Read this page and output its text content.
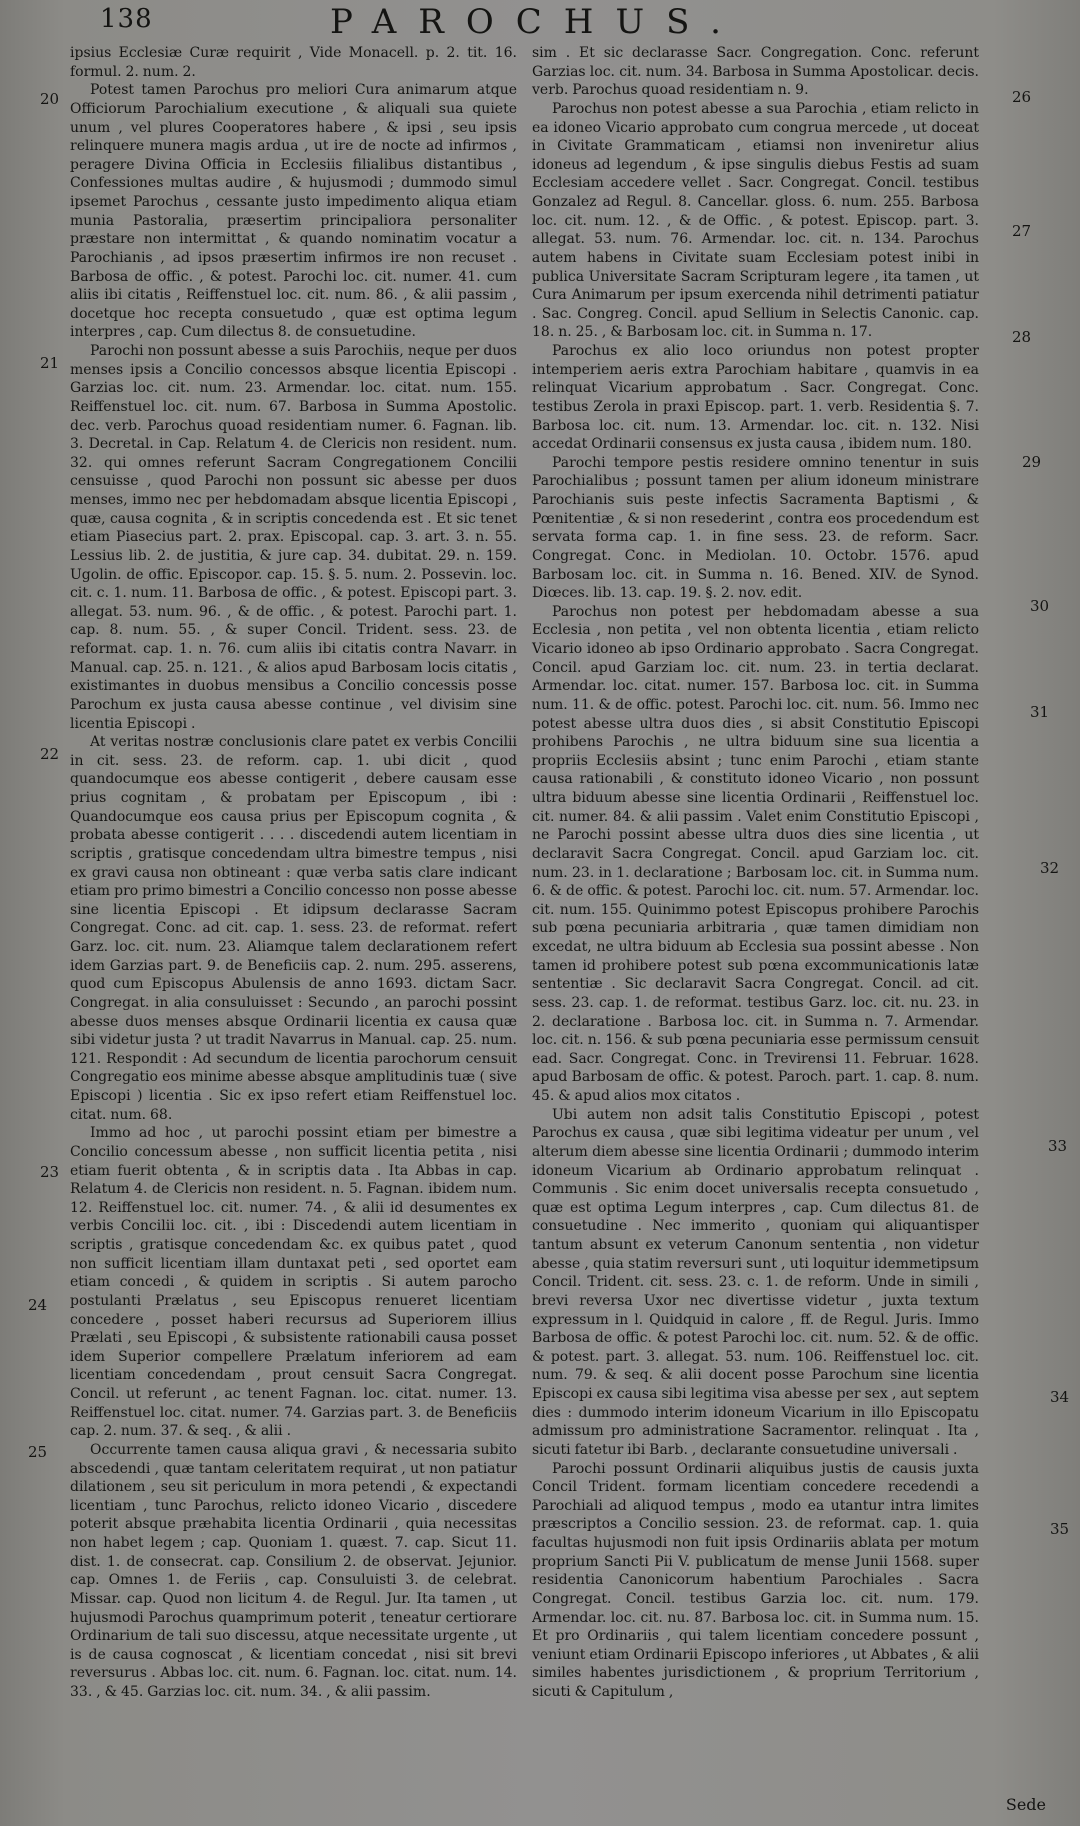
138	PAROCHUS.

ipsius Ecclesiæ Curæ requirit , Vide Monacell. p. 2. tit. 16. formul. 2. num. 2.

Potest tamen Parochus pro meliori Cura animarum atque Officiorum Parochialium executione , & aliquali sua quiete unum , vel plures Cooperatores habere , & ipsi , seu ipsis relinquere munera magis ardua , ut ire de nocte ad infirmos , peragere Divina Officia in Ecclesiis filialibus distantibus , Confessiones multas audire , & hujusmodi ; dummodo simul ipsemet Parochus , cessante justo impedimento aliqua etiam munia Pastoralia, præsertim principaliora personaliter præstare non intermittat , & quando nominatim vocatur a Parochianis , ad ipsos præsertim infirmos ire non recuset . Barbosa de offic. , & potest. Parochi loc. cit. numer. 41. cum aliis ibi citatis , Reiffenstuel loc. cit. num. 86. , & alii passim , docetque hoc recepta consuetudo , quæ est optima legum interpres , cap. Cum dilectus 8. de consuetudine.

Parochi non possunt abesse a suis Parochiis, neque per duos menses ipsis a Concilio concessos absque licentia Episcopi . Garzias loc. cit. num. 23. Armendar. loc. citat. num. 155. Reiffenstuel loc. cit. num. 67. Barbosa in Summa Apostolic. dec. verb. Parochus quoad residentiam numer. 6. Fagnan. lib. 3. Decretal. in Cap. Relatum 4. de Clericis non resident. num. 32. qui omnes referunt Sacram Congregationem Concilii censuisse , quod Parochi non possunt sic abesse per duos menses, immo nec per hebdomadam absque licentia Episcopi , quæ, causa cognita , & in scriptis concedenda est . Et sic tenet etiam Piasecius part. 2. prax. Episcopal. cap. 3. art. 3. n. 55. Lessius lib. 2. de justitia, & jure cap. 34. dubitat. 29. n. 159. Ugolin. de offic. Episcopor. cap. 15. §. 5. num. 2. Possevin. loc. cit. c. 1. num. 11. Barbosa de offic. , & potest. Episcopi part. 3. allegat. 53. num. 96. , & de offic. , & potest. Parochi part. 1. cap. 8. num. 55. , & super Concil. Trident. sess. 23. de reformat. cap. 1. n. 76. cum aliis ibi citatis contra Navarr. in Manual. cap. 25. n. 121. , & alios apud Barbosam locis citatis , existimantes in duobus mensibus a Concilio concessis posse Parochum ex justa causa abesse continue , vel divisim sine licentia Episcopi .

At veritas nostræ conclusionis clare patet ex verbis Concilii in cit. sess. 23. de reform. cap. 1. ubi dicit , quod quandocumque eos abesse contigerit , debere causam esse prius cognitam , & probatam per Episcopum , ibi : Quandocumque eos causa prius per Episcopum cognita , & probata abesse contigerit . . . . discedendi autem licentiam in scriptis , gratisque concedendam ultra bimestre tempus , nisi ex gravi causa non obtineant : quæ verba satis clare indicant etiam pro primo bimestri a Concilio concesso non posse abesse sine licentia Episcopi . Et idipsum declarasse Sacram Congregat. Conc. ad cit. cap. 1. sess. 23. de reformat. refert Garz. loc. cit. num. 23. Aliamque talem declarationem refert idem Garzias part. 9. de Beneficiis cap. 2. num. 295. asserens, quod cum Episcopus Abulensis de anno 1693. dictam Sacr. Congregat. in alia consuluisset : Secundo , an parochi possint abesse duos menses absque Ordinarii licentia ex causa quæ sibi videtur justa ? ut tradit Navarrus in Manual. cap. 25. num. 121. Respondit : Ad secundum de licentia parochorum censuit Congregatio eos minime abesse absque amplitudinis tuæ ( sive Episcopi ) licentia . Sic ex ipso refert etiam Reiffenstuel loc. citat. num. 68.

Immo ad hoc , ut parochi possint etiam per bimestre a Concilio concessum abesse , non sufficit licentia petita , nisi etiam fuerit obtenta , & in scriptis data . Ita Abbas in cap. Relatum 4. de Clericis non resident. n. 5. Fagnan. ibidem num. 12. Reiffenstuel loc. cit. numer. 74. , & alii id desumentes ex verbis Concilii loc. cit. , ibi : Discedendi autem licentiam in scriptis , gratisque concedendam &c. ex quibus patet , quod non sufficit licentiam illam duntaxat peti , sed oportet eam etiam concedi , & quidem in scriptis . Si autem parocho postulanti Prælatus , seu Episcopus renueret licentiam concedere , posset haberi recursus ad Superiorem illius Prælati , seu Episcopi , & subsistente rationabili causa posset idem Superior compellere Prælatum inferiorem ad eam licentiam concedendam , prout censuit Sacra Congregat. Concil. ut referunt , ac tenent Fagnan. loc. citat. numer. 13. Reiffenstuel loc. citat. numer. 74. Garzias part. 3. de Beneficiis cap. 2. num. 37. & seq. , & alii .

Occurrente tamen causa aliqua gravi , & necessaria subito abscedendi , quæ tantam celeritatem requirat , ut non patiatur dilationem , seu sit periculum in mora petendi , & expectandi licentiam , tunc Parochus, relicto idoneo Vicario , discedere poterit absque præhabita licentia Ordinarii , quia necessitas non habet legem ; cap. Quoniam 1. quæst. 7. cap. Sicut 11. dist. 1. de consecrat. cap. Consilium 2. de observat. Jejunior. cap. Omnes 1. de Feriis , cap. Consuluisti 3. de celebrat. Missar. cap. Quod non licitum 4. de Regul. Jur. Ita tamen , ut hujusmodi Parochus quamprimum poterit , teneatur certiorare Ordinarium de tali suo discessu, atque necessitate urgente , ut is de causa cognoscat , & licentiam concedat , nisi sit brevi reversurus . Abbas loc. cit. num. 6. Fagnan. loc. citat. num. 14. 33. , & 45. Garzias loc. cit. num. 34. , & alii passim.

sim . Et sic declarasse Sacr. Congregation. Conc. referunt Garzias loc. cit. num. 34. Barbosa in Summa Apostolicar. decis. verb. Parochus quoad residentiam n. 9.

Parochus non potest abesse a sua Parochia , etiam relicto in ea idoneo Vicario approbato cum congrua mercede , ut doceat in Civitate Grammaticam , etiamsi non inveniretur alius idoneus ad legendum , & ipse singulis diebus Festis ad suam Ecclesiam accedere vellet . Sacr. Congregat. Concil. testibus Gonzalez ad Regul. 8. Cancellar. gloss. 6. num. 255. Barbosa loc. cit. num. 12. , & de Offic. , & potest. Episcop. part. 3. allegat. 53. num. 76. Armendar. loc. cit. n. 134. Parochus autem habens in Civitate suam Ecclesiam potest inibi in publica Universitate Sacram Scripturam legere , ita tamen , ut Cura Animarum per ipsum exercenda nihil detrimenti patiatur . Sac. Congreg. Concil. apud Sellium in Selectis Canonic. cap. 18. n. 25. , & Barbosam loc. cit. in Summa n. 17.

Parochus ex alio loco oriundus non potest propter intemperiem aeris extra Parochiam habitare , quamvis in ea relinquat Vicarium approbatum . Sacr. Congregat. Conc. testibus Zerola in praxi Episcop. part. 1. verb. Residentia §. 7. Barbosa loc. cit. num. 13. Armendar. loc. cit. n. 132. Nisi accedat Ordinarii consensus ex justa causa , ibidem num. 180.

Parochi tempore pestis residere omnino tenentur in suis Parochialibus ; possunt tamen per alium idoneum ministrare Parochianis suis peste infectis Sacramenta Baptismi , & Pœnitentiæ , & si non resederint , contra eos procedendum est servata forma cap. 1. in fine sess. 23. de reform. Sacr. Congregat. Conc. in Mediolan. 10. Octobr. 1576. apud Barbosam loc. cit. in Summa n. 16. Bened. XIV. de Synod. Diœces. lib. 13. cap. 19. §. 2. nov. edit.

Parochus non potest per hebdomadam abesse a sua Ecclesia , non petita , vel non obtenta licentia , etiam relicto Vicario idoneo ab ipso Ordinario approbato . Sacra Congregat. Concil. apud Garziam loc. cit. num. 23. in tertia declarat. Armendar. loc. citat. numer. 157. Barbosa loc. cit. in Summa num. 11. & de offic. potest. Parochi loc. cit. num. 56. Immo nec potest abesse ultra duos dies , si absit Constitutio Episcopi prohibens Parochis , ne ultra biduum sine sua licentia a propriis Ecclesiis absint ; tunc enim Parochi , etiam stante causa rationabili , & constituto idoneo Vicario , non possunt ultra biduum abesse sine licentia Ordinarii , Reiffenstuel loc. cit. numer. 84. & alii passim . Valet enim Constitutio Episcopi , ne Parochi possint abesse ultra duos dies sine licentia , ut declaravit Sacra Congregat. Concil. apud Garziam loc. cit. num. 23. in 1. declaratione ; Barbosam loc. cit. in Summa num. 6. & de offic. & potest. Parochi loc. cit. num. 57. Armendar. loc. cit. num. 155. Quinimmo potest Episcopus prohibere Parochis sub pœna pecuniaria arbitraria , quæ tamen dimidiam non excedat, ne ultra biduum ab Ecclesia sua possint abesse . Non tamen id prohibere potest sub pœna excommunicationis latæ sententiæ . Sic declaravit Sacra Congregat. Concil. ad cit. sess. 23. cap. 1. de reformat. testibus Garz. loc. cit. nu. 23. in 2. declaratione . Barbosa loc. cit. in Summa n. 7. Armendar. loc. cit. n. 156. & sub pœna pecuniaria esse permissum censuit ead. Sacr. Congregat. Conc. in Trevirensi 11. Februar. 1628. apud Barbosam de offic. & potest. Paroch. part. 1. cap. 8. num. 45. & apud alios mox citatos .

Ubi autem non adsit talis Constitutio Episcopi , potest Parochus ex causa , quæ sibi legitima videatur per unum , vel alterum diem abesse sine licentia Ordinarii ; dummodo interim idoneum Vicarium ab Ordinario approbatum relinquat . Communis . Sic enim docet universalis recepta consuetudo , quæ est optima Legum interpres , cap. Cum dilectus 81. de consuetudine . Nec immerito , quoniam qui aliquantisper tantum absunt ex veterum Canonum sententia , non videtur abesse , quia statim reversuri sunt , uti loquitur idemmetipsum Concil. Trident. cit. sess. 23. c. 1. de reform. Unde in simili , brevi reversa Uxor nec divertisse videtur , juxta textum expressum in l. Quidquid in calore , ff. de Regul. Juris. Immo Barbosa de offic. & potest Parochi loc. cit. num. 52. & de offic. & potest. part. 3. allegat. 53. num. 106. Reiffenstuel loc. cit. num. 79. & seq. & alii docent posse Parochum sine licentia Episcopi ex causa sibi legitima visa abesse per sex , aut septem dies : dummodo interim idoneum Vicarium in illo Episcopatu admissum pro administratione Sacramentor. relinquat . Ita , sicuti fatetur ibi Barb. , declarante consuetudine universali .

Parochi possunt Ordinarii aliquibus justis de causis juxta Concil Trident. formam licentiam concedere recedendi a Parochiali ad aliquod tempus , modo ea utantur intra limites præscriptos a Concilio session. 23. de reformat. cap. 1. quia facultas hujusmodi non fuit ipsis Ordinariis ablata per motum proprium Sancti Pii V. publicatum de mense Junii 1568. super residentia Canonicorum habentium Parochiales . Sacra Congregat. Concil. testibus Garzia loc. cit. num. 179. Armendar. loc. cit. nu. 87. Barbosa loc. cit. in Summa num. 15. Et pro Ordinariis , qui talem licentiam concedere possunt , veniunt etiam Ordinarii Episcopo inferiores , ut Abbates , & alii similes habentes jurisdictionem , & proprium Territorium , sicuti & Capitulum ,

20
21
22
23
24
25
26
27
28
29
30
31
32
33
34
35
Sede
